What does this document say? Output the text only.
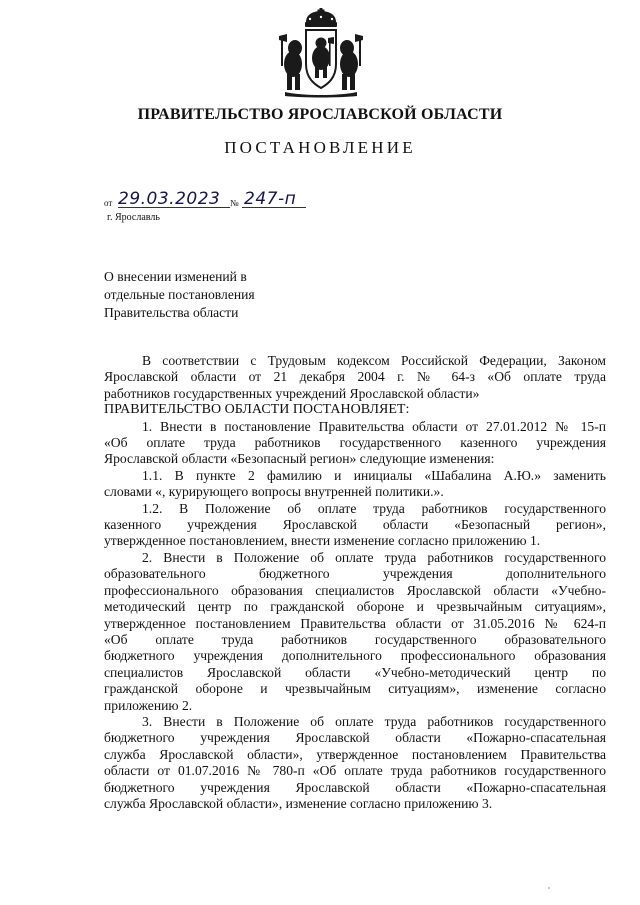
ПРАВИТЕЛЬСТВО ЯРОСЛАВСКОЙ ОБЛАСТИ
ПОСТАНОВЛЕНИЕ
от 29.03.2023 № 247-п
г. Ярославль
О внесении изменений в
отдельные постановления
Правительства области
В соответствии с Трудовым кодексом Российской Федерации, Законом
Ярославской области от 21 декабря 2004 г. № 64-з «Об оплате труда
работников государственных учреждений Ярославской области»
ПРАВИТЕЛЬСТВО ОБЛАСТИ ПОСТАНОВЛЯЕТ:
1. Внести в постановление Правительства области от 27.01.2012 № 15-п
«Об оплате труда работников государственного казенного учреждения
Ярославской области «Безопасный регион» следующие изменения:
1.1. В пункте 2 фамилию и инициалы «Шабалина А.Ю.» заменить
словами «, курирующего вопросы внутренней политики.».
1.2. В Положение об оплате труда работников государственного
казенного учреждения Ярославской области «Безопасный регион»,
утвержденное постановлением, внести изменение согласно приложению 1.
2. Внести в Положение об оплате труда работников государственного
образовательного бюджетного учреждения дополнительного
профессионального образования специалистов Ярославской области «Учебно-
методический центр по гражданской обороне и чрезвычайным ситуациям»,
утвержденное постановлением Правительства области от 31.05.2016 № 624-п
«Об оплате труда работников государственного образовательного
бюджетного учреждения дополнительного профессионального образования
специалистов Ярославской области «Учебно-методический центр по
гражданской обороне и чрезвычайным ситуациям», изменение согласно
приложению 2.
3. Внести в Положение об оплате труда работников государственного
бюджетного учреждения Ярославской области «Пожарно-спасательная
служба Ярославской области», утвержденное постановлением Правительства
области от 01.07.2016 № 780-п «Об оплате труда работников государственного
бюджетного учреждения Ярославской области «Пожарно-спасательная
служба Ярославской области», изменение согласно приложению 3.
